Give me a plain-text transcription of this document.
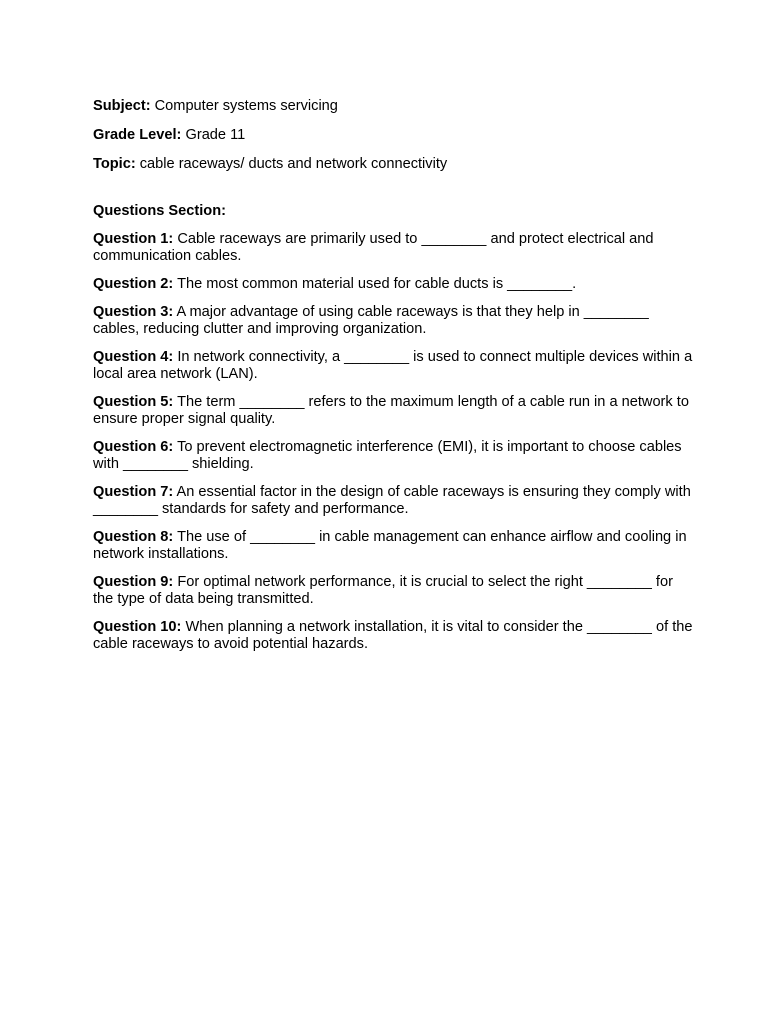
Subject: Computer systems servicing

Grade Level: Grade 11

Topic: cable raceways/ ducts and network connectivity

Questions Section:

Question 1: Cable raceways are primarily used to ________ and protect electrical and communication cables.

Question 2: The most common material used for cable ducts is ________.

Question 3: A major advantage of using cable raceways is that they help in ________ cables, reducing clutter and improving organization.

Question 4: In network connectivity, a ________ is used to connect multiple devices within a local area network (LAN).

Question 5: The term ________ refers to the maximum length of a cable run in a network to ensure proper signal quality.

Question 6: To prevent electromagnetic interference (EMI), it is important to choose cables with ________ shielding.

Question 7: An essential factor in the design of cable raceways is ensuring they comply with ________ standards for safety and performance.

Question 8: The use of ________ in cable management can enhance airflow and cooling in network installations.

Question 9: For optimal network performance, it is crucial to select the right ________ for the type of data being transmitted.

Question 10: When planning a network installation, it is vital to consider the ________ of the cable raceways to avoid potential hazards.
